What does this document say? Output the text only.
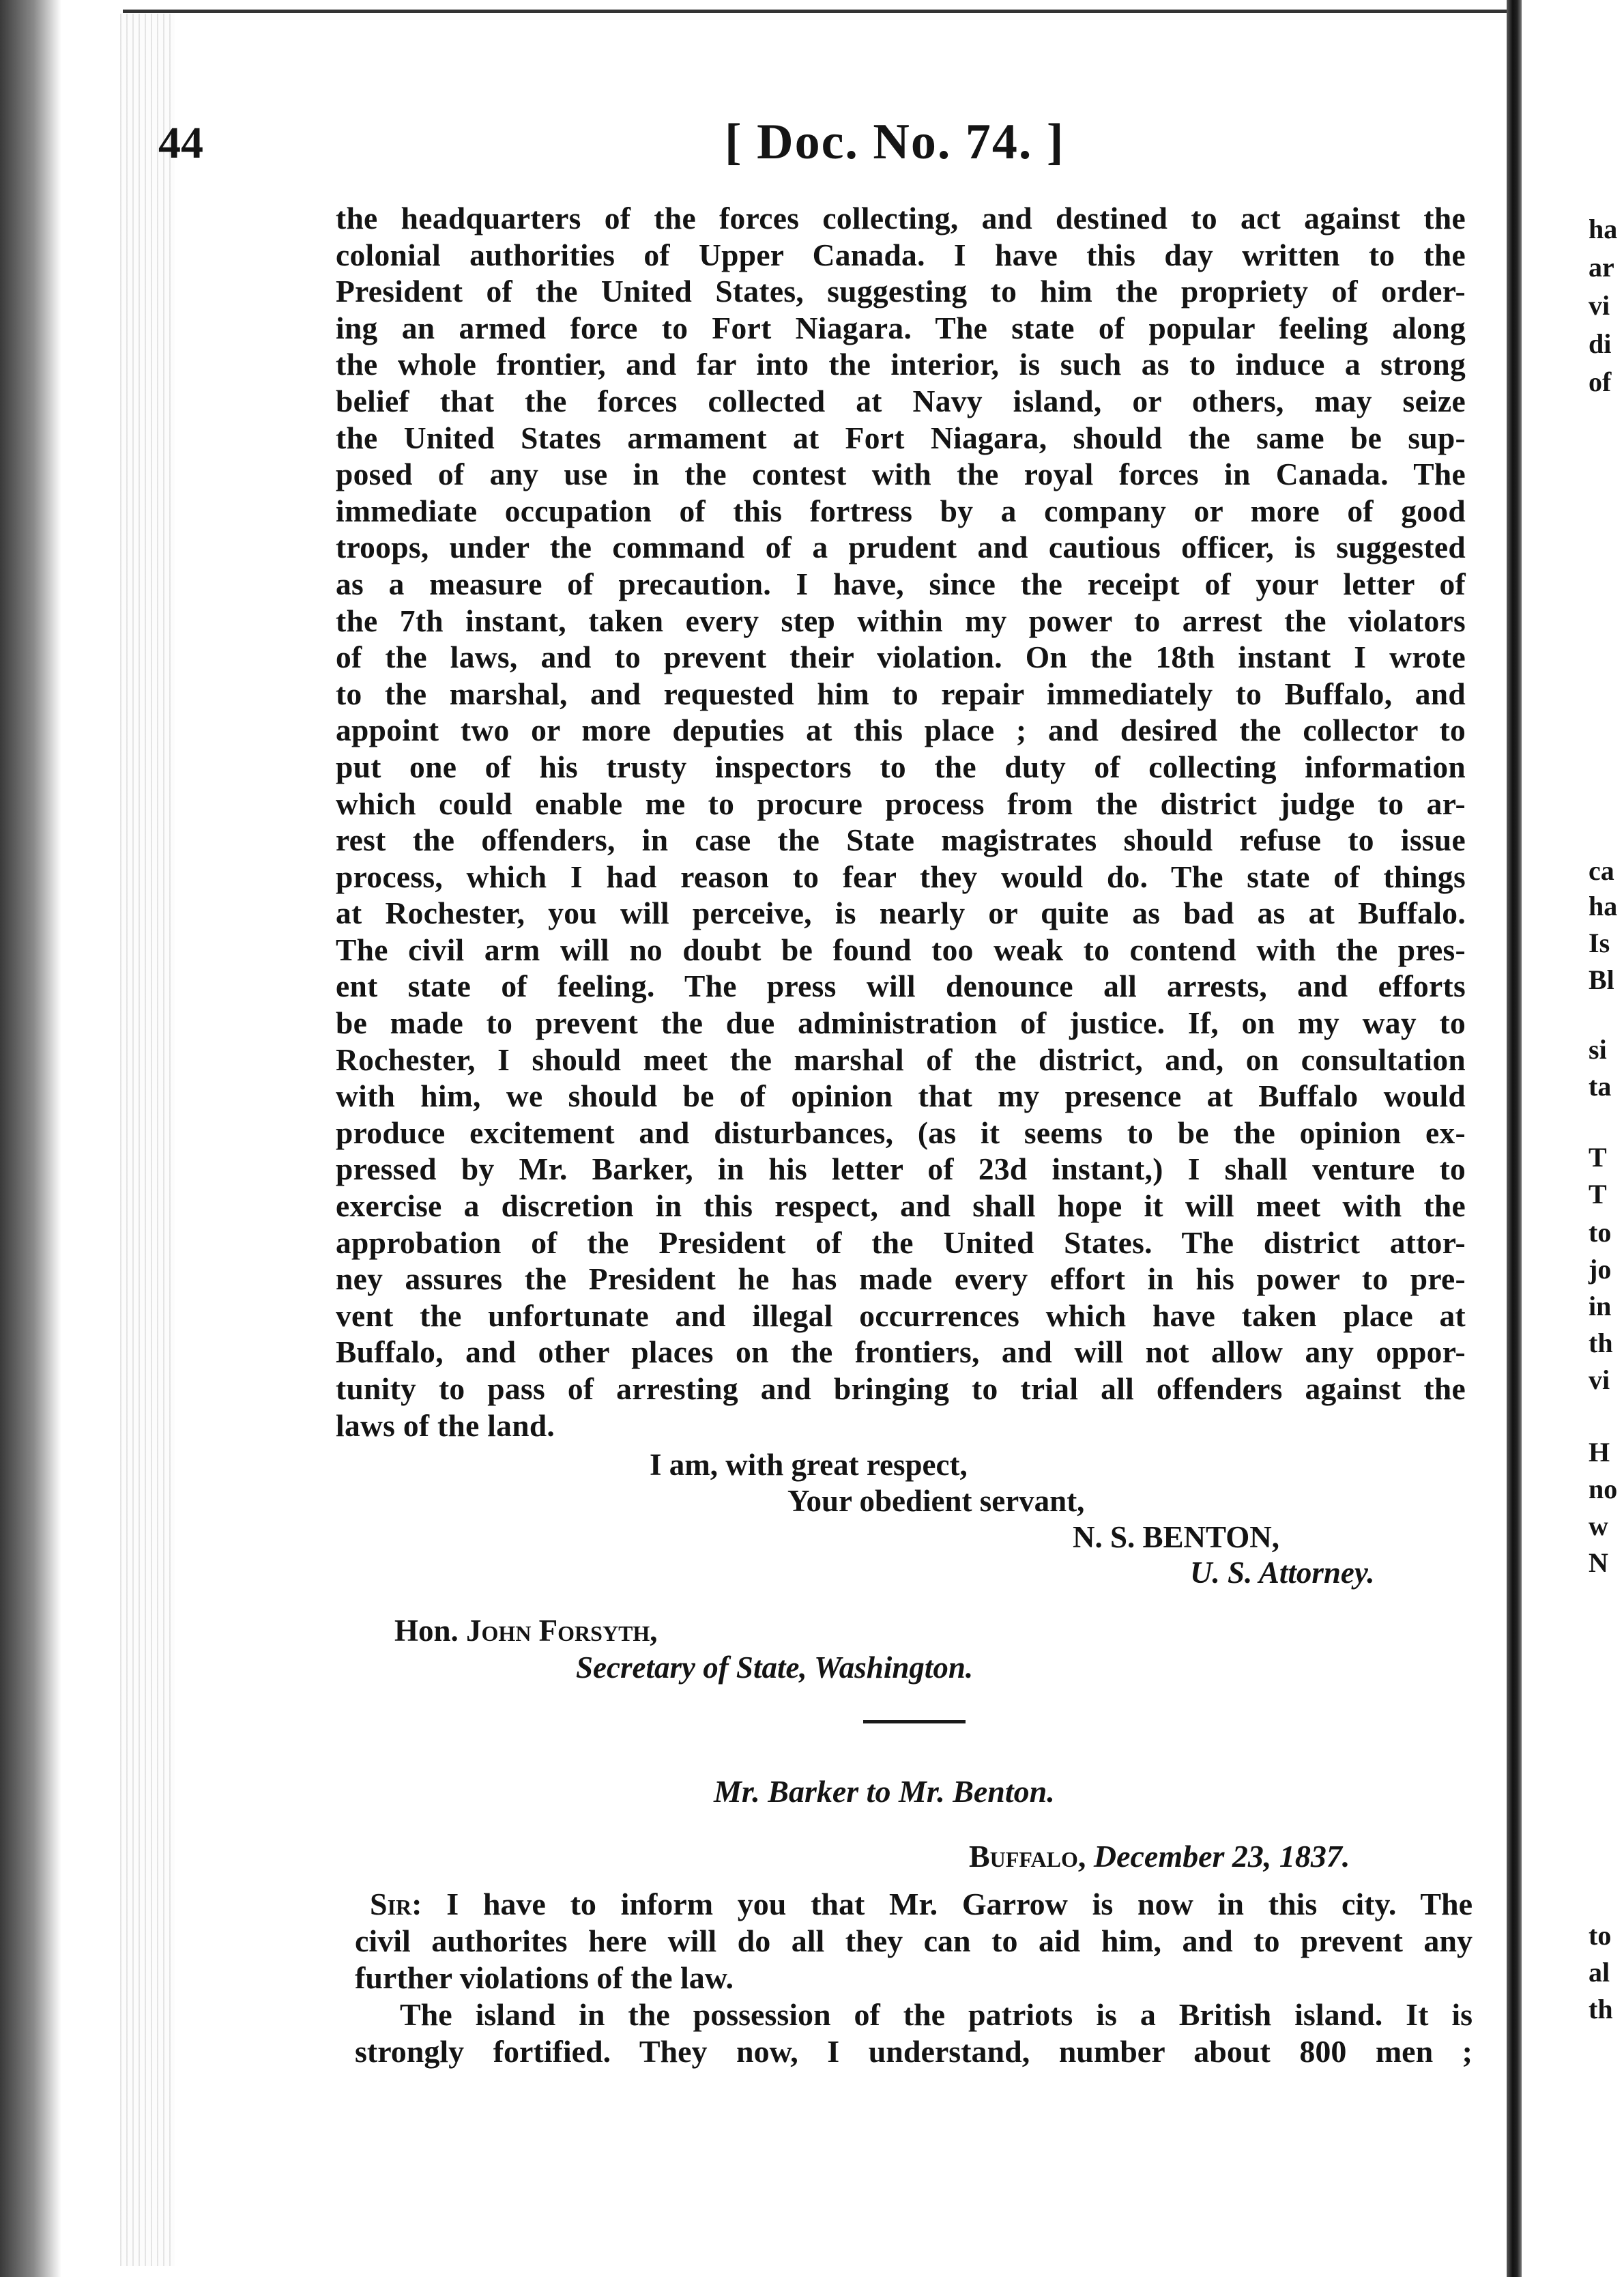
44	[ Doc. No. 74. ]
the headquarters of the forces collecting, and destined to act against the
colonial authorities of Upper Canada. I have this day written to the
President of the United States, suggesting to him the propriety of order-
ing an armed force to Fort Niagara. The state of popular feeling along
the whole frontier, and far into the interior, is such as to induce a strong
belief that the forces collected at Navy island, or others, may seize
the United States armament at Fort Niagara, should the same be sup-
posed of any use in the contest with the royal forces in Canada. The
immediate occupation of this fortress by a company or more of good
troops, under the command of a prudent and cautious officer, is suggested
as a measure of precaution. I have, since the receipt of your letter of
the 7th instant, taken every step within my power to arrest the violators
of the laws, and to prevent their violation. On the 18th instant I wrote
to the marshal, and requested him to repair immediately to Buffalo, and
appoint two or more deputies at this place ; and desired the collector to
put one of his trusty inspectors to the duty of collecting information
which could enable me to procure process from the district judge to ar-
rest the offenders, in case the State magistrates should refuse to issue
process, which I had reason to fear they would do. The state of things
at Rochester, you will perceive, is nearly or quite as bad as at Buffalo.
The civil arm will no doubt be found too weak to contend with the pres-
ent state of feeling. The press will denounce all arrests, and efforts
be made to prevent the due administration of justice. If, on my way to
Rochester, I should meet the marshal of the district, and, on consultation
with him, we should be of opinion that my presence at Buffalo would
produce excitement and disturbances, (as it seems to be the opinion ex-
pressed by Mr. Barker, in his letter of 23d instant,) I shall venture to
exercise a discretion in this respect, and shall hope it will meet with the
approbation of the President of the United States. The district attor-
ney assures the President he has made every effort in his power to pre-
vent the unfortunate and illegal occurrences which have taken place at
Buffalo, and other places on the frontiers, and will not allow any oppor-
tunity to pass of arresting and bringing to trial all offenders against the
laws of the land.
I am, with great respect,
Your obedient servant,
N. S. BENTON,
U. S. Attorney.
Hon. John Forsyth,
Secretary of State, Washington.
Mr. Barker to Mr. Benton.
Buffalo, December 23, 1837.
Sir: I have to inform you that Mr. Garrow is now in this city. The
civil authorites here will do all they can to aid him, and to prevent any
further violations of the law.
The island in the possession of the patriots is a British island. It is
strongly fortified. They now, I understand, number about 800 men ;
ha
ar
vi
di
of
ca
ha
Is
Bl
si
ta
T
T
to
jo
in
th
vi
H
no
w
N
to
al
th
